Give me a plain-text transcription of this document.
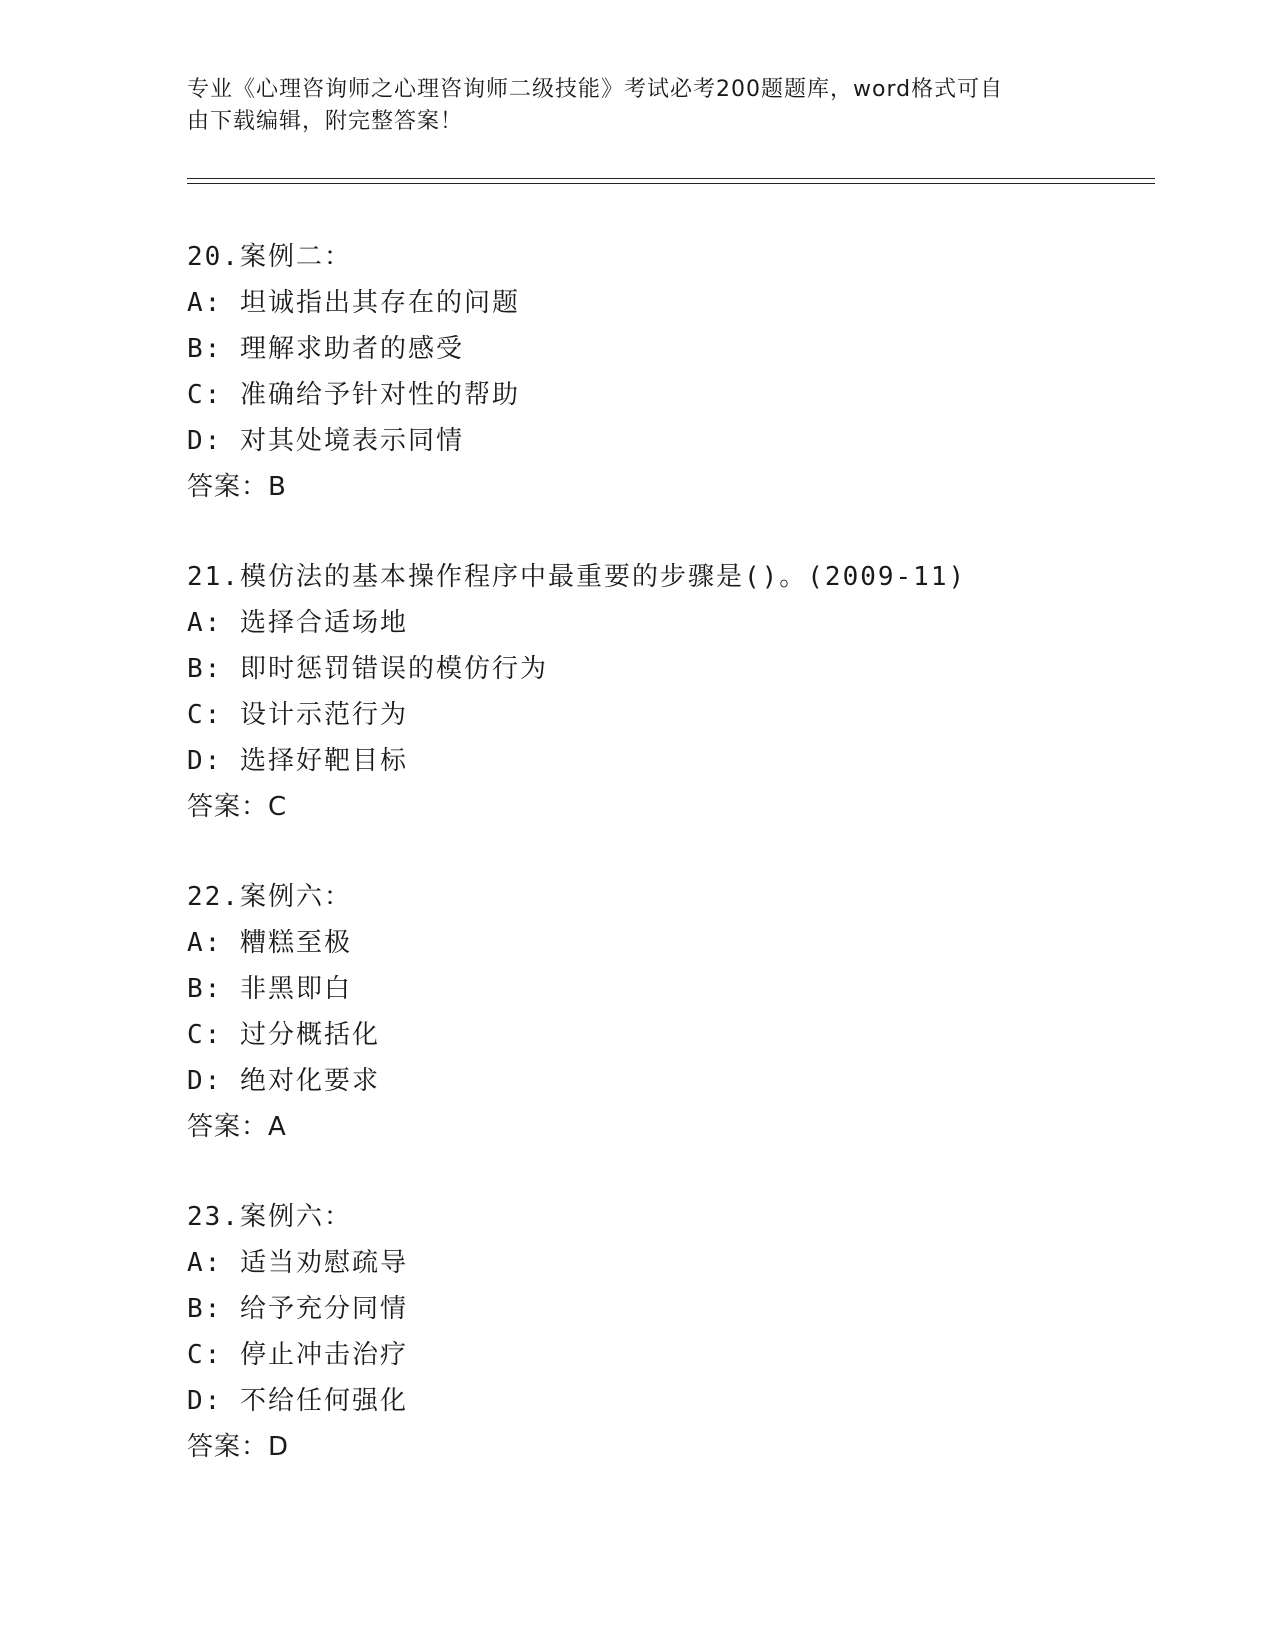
专业《心理咨询师之心理咨询师二级技能》考试必考200题题库，word格式可自
由下载编辑，附完整答案！
20.案例二：
A: 坦诚指出其存在的问题
B: 理解求助者的感受
C: 准确给予针对性的帮助
D: 对其处境表示同情
答案：B
21.模仿法的基本操作程序中最重要的步骤是()。(2009-11)
A: 选择合适场地
B: 即时惩罚错误的模仿行为
C: 设计示范行为
D: 选择好靶目标
答案：C
22.案例六：
A: 糟糕至极
B: 非黑即白
C: 过分概括化
D: 绝对化要求
答案：A
23.案例六：
A: 适当劝慰疏导
B: 给予充分同情
C: 停止冲击治疗
D: 不给任何强化
答案：D
